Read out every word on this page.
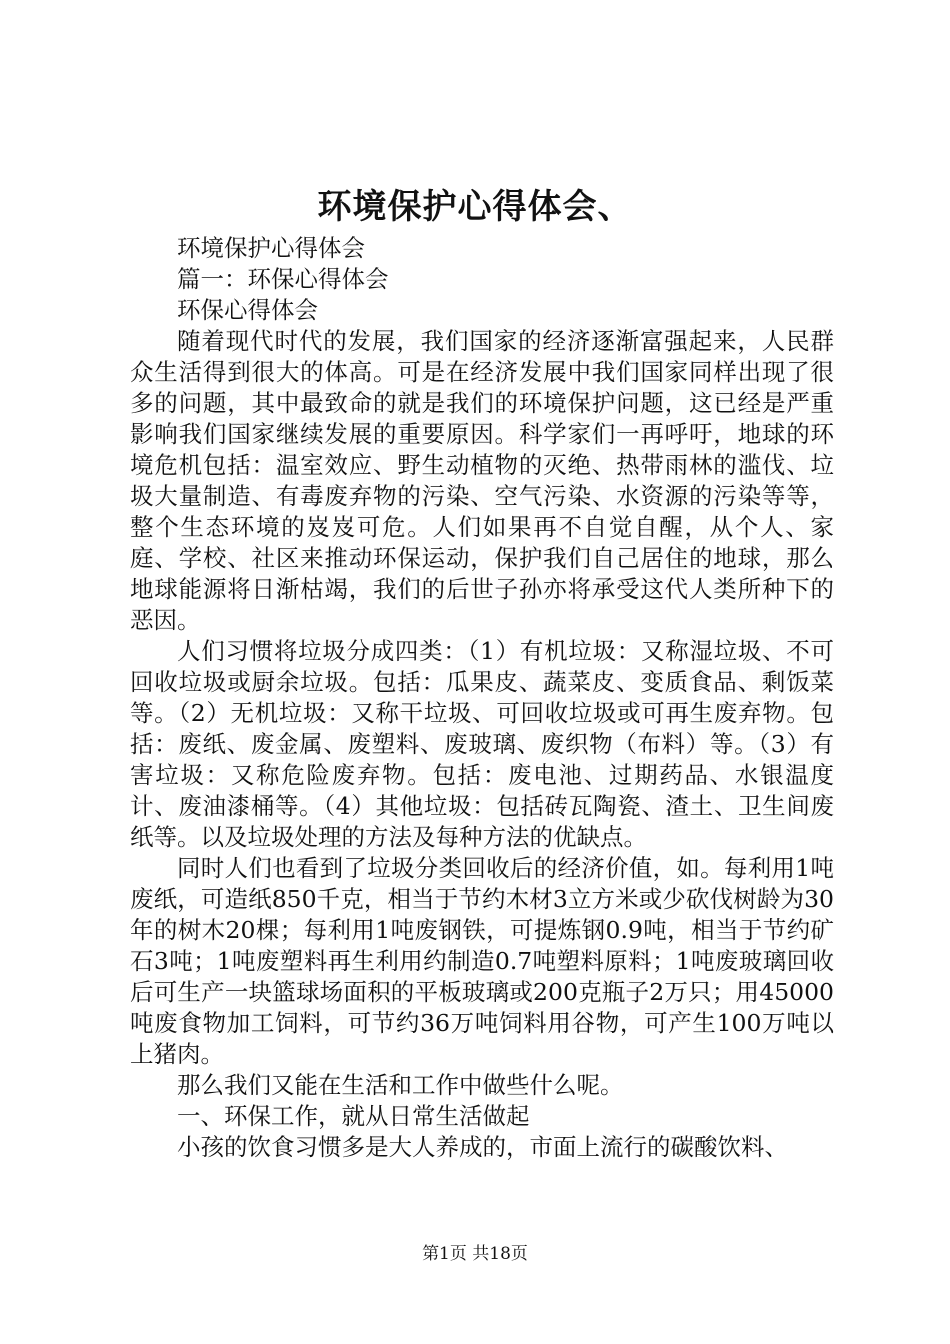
环境保护心得体会、

环境保护心得体会

篇一：环保心得体会

环保心得体会

随着现代时代的发展，我们国家的经济逐渐富强起来，人民群众生活得到很大的体高。可是在经济发展中我们国家同样出现了很多的问题，其中最致命的就是我们的环境保护问题，这已经是严重影响我们国家继续发展的重要原因。科学家们一再呼吁，地球的环境危机包括：温室效应、野生动植物的灭绝、热带雨林的滥伐、垃圾大量制造、有毒废弃物的污染、空气污染、水资源的污染等等，整个生态环境的岌岌可危。人们如果再不自觉自醒，从个人、家庭、学校、社区来推动环保运动，保护我们自己居住的地球，那么地球能源将日渐枯竭，我们的后世子孙亦将承受这代人类所种下的恶因。

人们习惯将垃圾分成四类：（1）有机垃圾：又称湿垃圾、不可回收垃圾或厨余垃圾。包括：瓜果皮、蔬菜皮、变质食品、剩饭菜等。（2）无机垃圾：又称干垃圾、可回收垃圾或可再生废弃物。包括：废纸、废金属、废塑料、废玻璃、废织物（布料）等。（3）有害垃圾：又称危险废弃物。包括：废电池、过期药品、水银温度计、废油漆桶等。（4）其他垃圾：包括砖瓦陶瓷、渣土、卫生间废纸等。以及垃圾处理的方法及每种方法的优缺点。

同时人们也看到了垃圾分类回收后的经济价值，如。每利用1吨废纸，可造纸850千克，相当于节约木材3立方米或少砍伐树龄为30年的树木20棵；每利用1吨废钢铁，可提炼钢0.9吨，相当于节约矿石3吨；1吨废塑料再生利用约制造0.7吨塑料原料；1吨废玻璃回收后可生产一块篮球场面积的平板玻璃或200克瓶子2万只；用45000吨废食物加工饲料，可节约36万吨饲料用谷物，可产生100万吨以上猪肉。

那么我们又能在生活和工作中做些什么呢。

一、环保工作，就从日常生活做起

小孩的饮食习惯多是大人养成的，市面上流行的碳酸饮料、

第1页 共18页
